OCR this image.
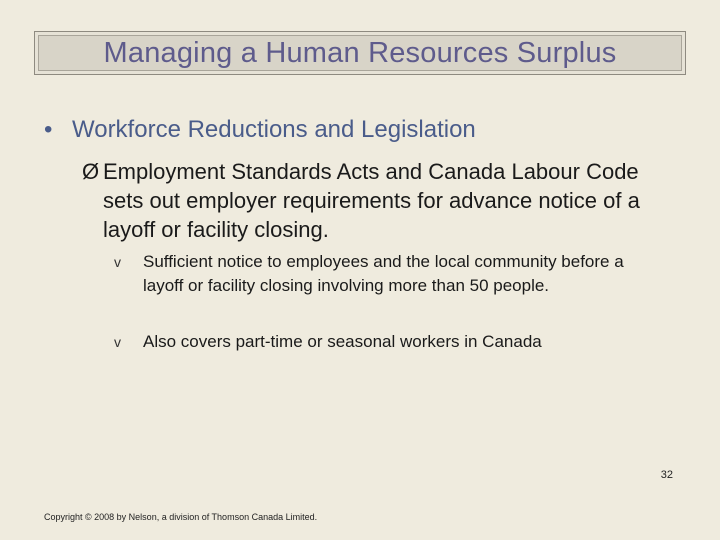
Managing a Human Resources Surplus
• Workforce Reductions and Legislation
Ø Employment Standards Acts and Canada Labour Code sets out employer requirements for advance notice of a layoff or facility closing.
v	Sufficient notice to employees and the local community before a layoff or facility closing involving more than 50 people.
v	Also covers part-time or seasonal workers in Canada
32
Copyright © 2008 by Nelson, a division of Thomson Canada Limited.
